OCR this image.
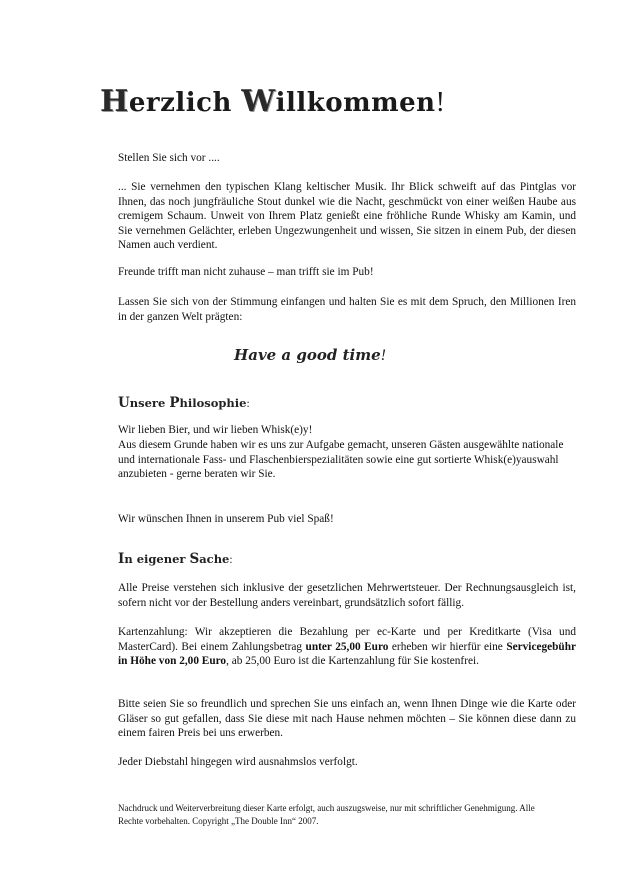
Herzlich Willkommen!
Stellen Sie sich vor ....
... Sie vernehmen den typischen Klang keltischer Musik. Ihr Blick schweift auf das Pintglas vor Ihnen, das noch jungfräuliche Stout dunkel wie die Nacht, geschmückt von einer weißen Haube aus cremigem Schaum. Unweit von Ihrem Platz genießt eine fröhliche Runde Whisky am Kamin, und Sie vernehmen Gelächter, erleben Ungezwungenheit und wissen, Sie sitzen in einem Pub, der diesen Namen auch verdient.
Freunde trifft man nicht zuhause – man trifft sie im Pub!
Lassen Sie sich von der Stimmung einfangen und halten Sie es mit dem Spruch, den Millionen Iren in der ganzen Welt prägten:
Have a good time!
Unsere Philosophie:
Wir lieben Bier, und wir lieben Whisk(e)y!
Aus diesem Grunde haben wir es uns zur Aufgabe gemacht, unseren Gästen ausgewählte nationale und internationale Fass- und Flaschenbierspezialitäten sowie eine gut sortierte Whisk(e)yauswahl anzubieten - gerne beraten wir Sie.
Wir wünschen Ihnen in unserem Pub viel Spaß!
In eigener Sache:
Alle Preise verstehen sich inklusive der gesetzlichen Mehrwertsteuer. Der Rechnungsausgleich ist, sofern nicht vor der Bestellung anders vereinbart, grundsätzlich sofort fällig.
Kartenzahlung: Wir akzeptieren die Bezahlung per ec-Karte und per Kreditkarte (Visa und MasterCard). Bei einem Zahlungsbetrag unter 25,00 Euro erheben wir hierfür eine Servicegebühr in Höhe von 2,00 Euro, ab 25,00 Euro ist die Kartenzahlung für Sie kostenfrei.
Bitte seien Sie so freundlich und sprechen Sie uns einfach an, wenn Ihnen Dinge wie die Karte oder Gläser so gut gefallen, dass Sie diese mit nach Hause nehmen möchten – Sie können diese dann zu einem fairen Preis bei uns erwerben.
Jeder Diebstahl hingegen wird ausnahmslos verfolgt.
Nachdruck und Weiterverbreitung dieser Karte erfolgt, auch auszugsweise, nur mit schriftlicher Genehmigung. Alle Rechte vorbehalten. Copyright „The Double Inn“ 2007.
